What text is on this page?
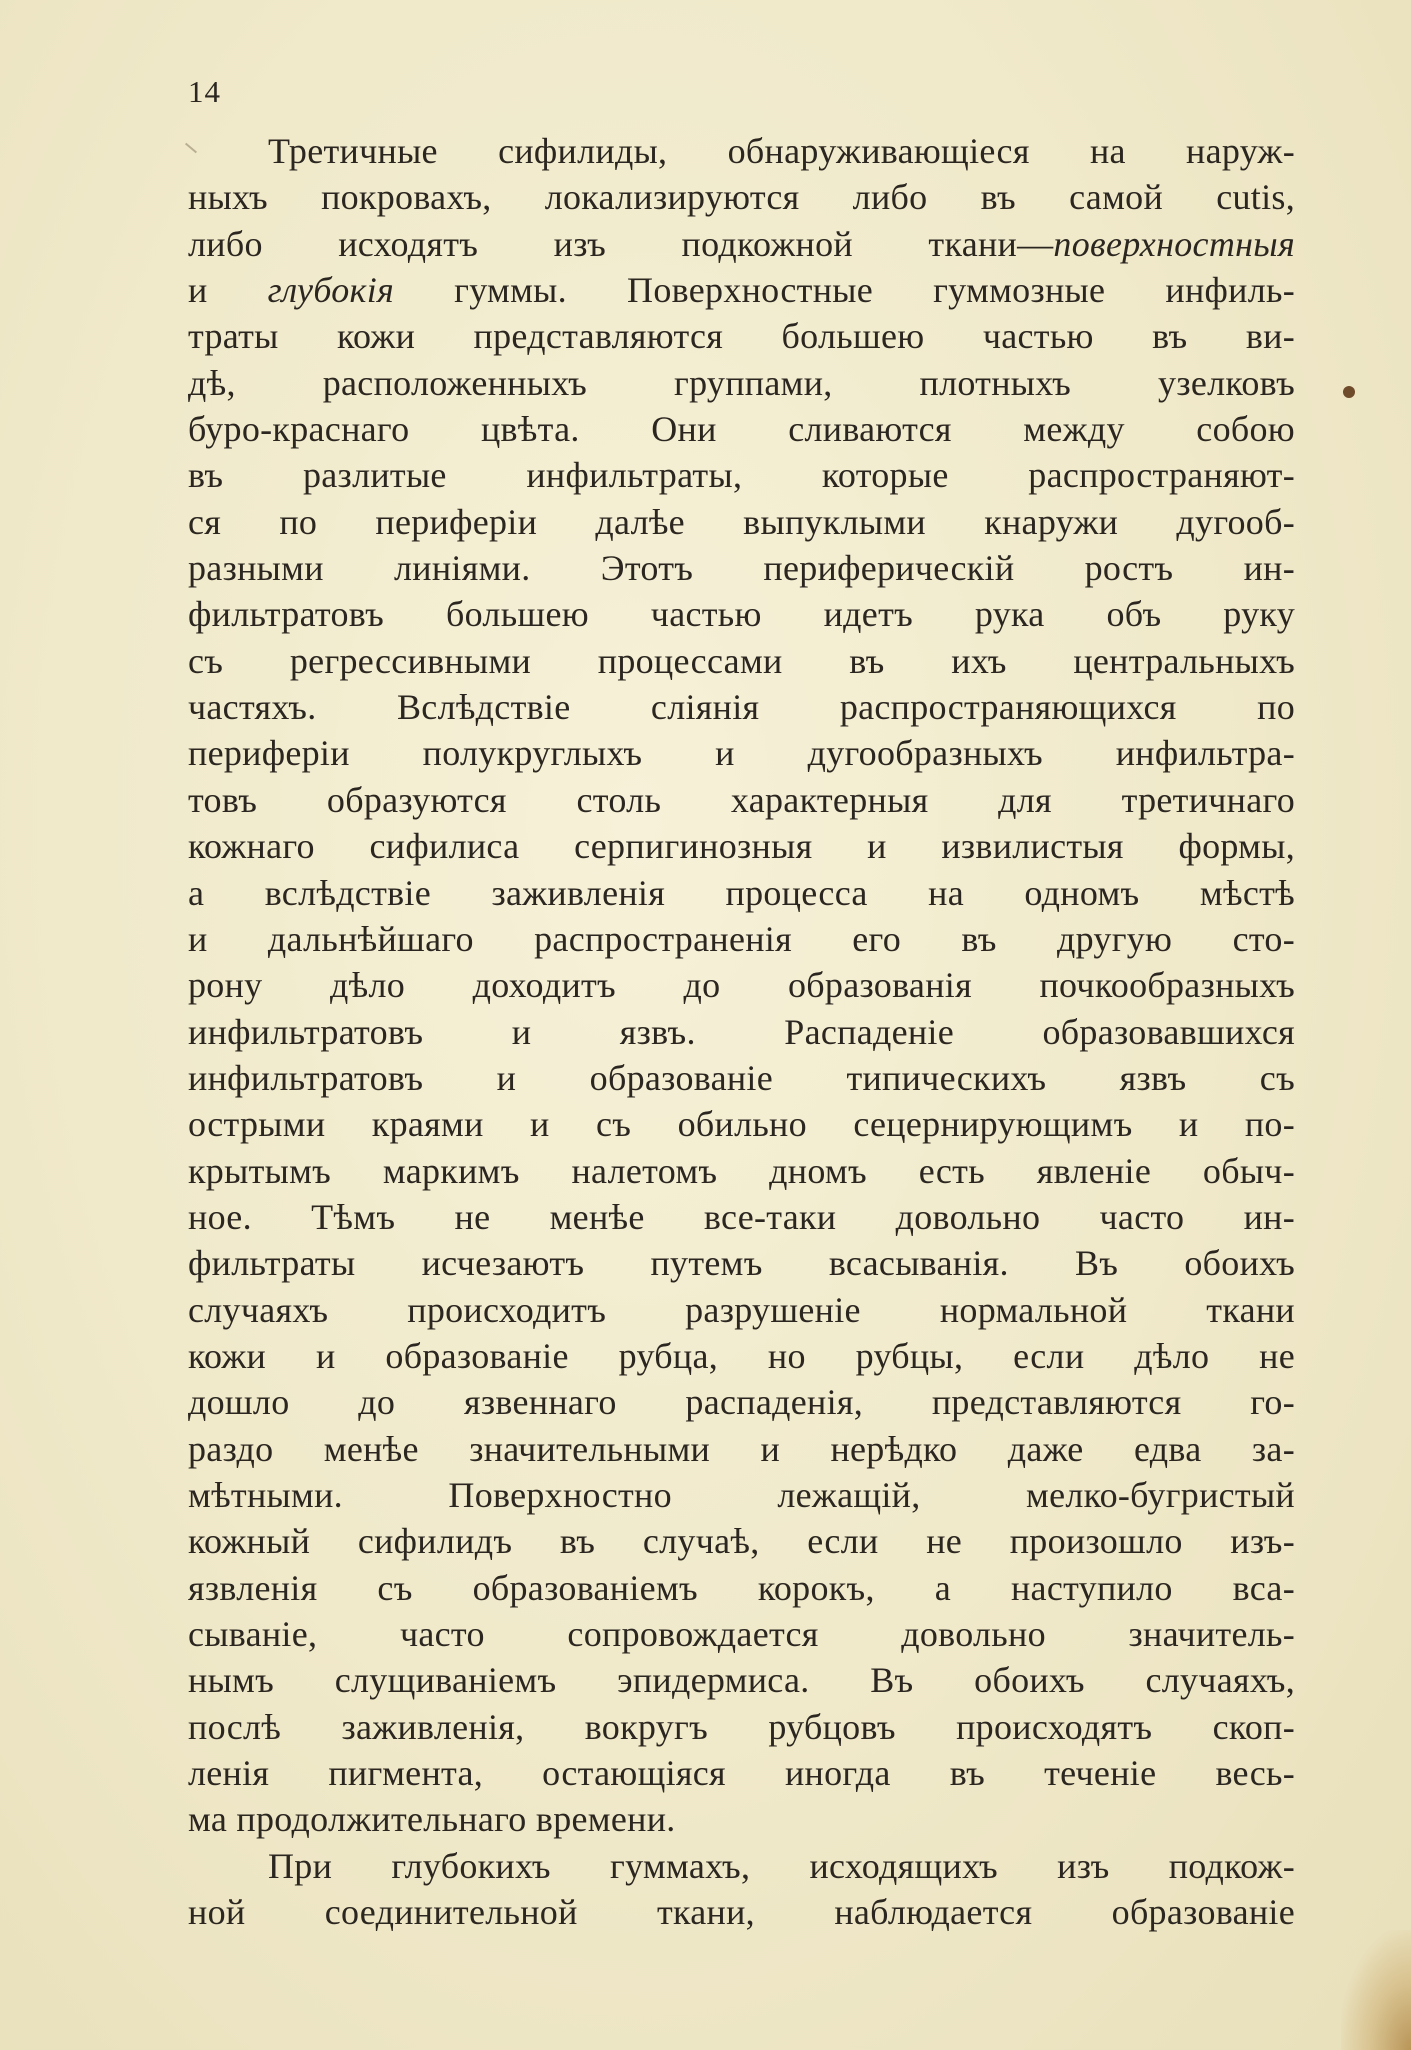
14
Третичные сифилиды, обнаруживающіеся на наруж-
ныхъ покровахъ, локализируются либо въ самой cutis,
либо исходятъ изъ подкожной ткани—поверхностныя
и глубокія гуммы. Поверхностные гуммозные инфиль-
траты кожи представляются большею частью въ ви-
дѣ, расположенныхъ группами, плотныхъ узелковъ
буро-краснаго цвѣта. Они сливаются между собою
въ разлитые инфильтраты, которые распространяют-
ся по периферіи далѣе выпуклыми кнаружи дугооб-
разными линіями. Этотъ периферическій ростъ ин-
фильтратовъ большею частью идетъ рука объ руку
съ регрессивными процессами въ ихъ центральныхъ
частяхъ. Вслѣдствіе сліянія распространяющихся по
периферіи полукруглыхъ и дугообразныхъ инфильтра-
товъ образуются столь характерныя для третичнаго
кожнаго сифилиса серпигинозныя и извилистыя формы,
а вслѣдствіе заживленія процесса на одномъ мѣстѣ
и дальнѣйшаго распространенія его въ другую сто-
рону дѣло доходитъ до образованія почкообразныхъ
инфильтратовъ и язвъ. Распаденіе образовавшихся
инфильтратовъ и образованіе типическихъ язвъ съ
острыми краями и съ обильно сецернирующимъ и по-
крытымъ маркимъ налетомъ дномъ есть явленіе обыч-
ное. Тѣмъ не менѣе все-таки довольно часто ин-
фильтраты исчезаютъ путемъ всасыванія. Въ обоихъ
случаяхъ происходитъ разрушеніе нормальной ткани
кожи и образованіе рубца, но рубцы, если дѣло не
дошло до язвеннаго распаденія, представляются го-
раздо менѣе значительными и нерѣдко даже едва за-
мѣтными. Поверхностно лежащій, мелко-бугристый
кожный сифилидъ въ случаѣ, если не произошло изъ-
язвленія съ образованіемъ корокъ, а наступило вса-
сываніе, часто сопровождается довольно значитель-
нымъ слущиваніемъ эпидермиса. Въ обоихъ случаяхъ,
послѣ заживленія, вокругъ рубцовъ происходятъ скоп-
ленія пигмента, остающіяся иногда въ теченіе весь-
ма продолжительнаго времени.
При глубокихъ гуммахъ, исходящихъ изъ подкож-
ной соединительной ткани, наблюдается образованіе
